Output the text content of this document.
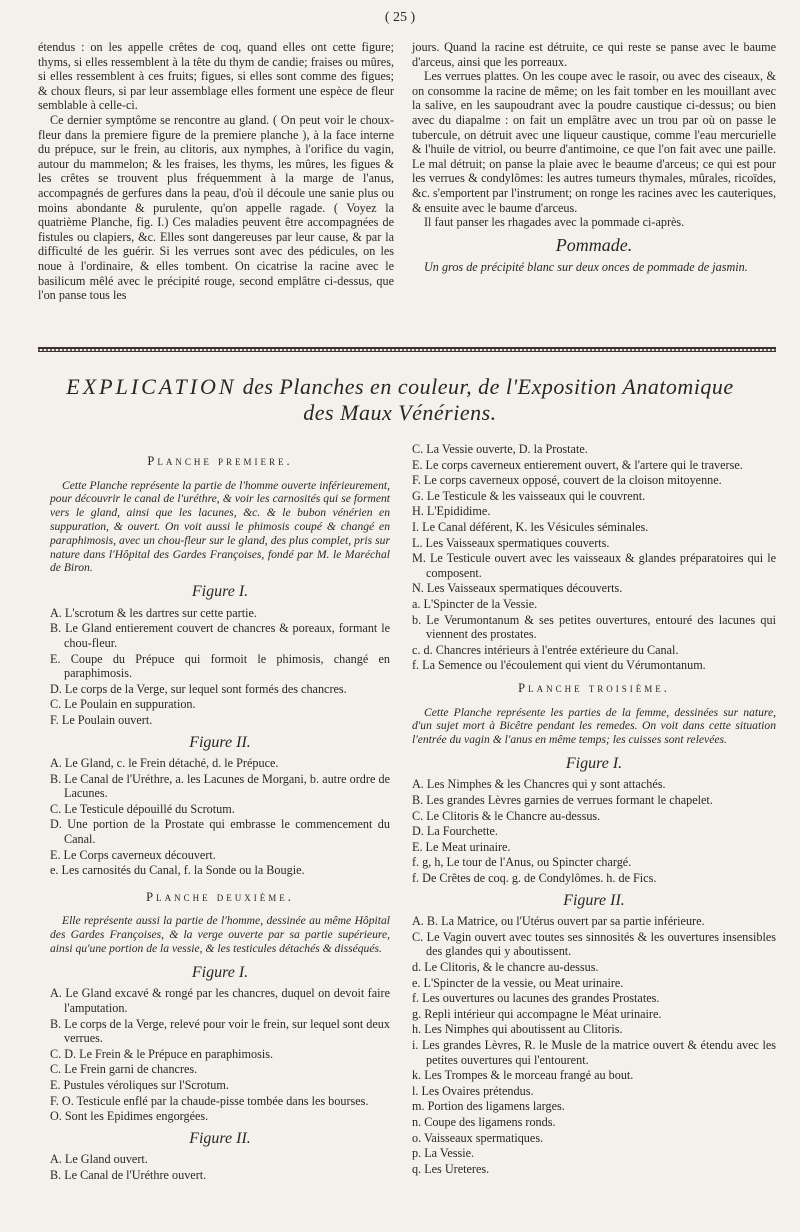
( 25 )

étendus : on les appelle crêtes de coq, quand elles ont cette figure; thyms, si elles ressemblent à la tête du thym de candie; fraises ou mûres, si elles ressemblent à ces fruits; figues, si elles sont comme des figues; & choux fleurs, si par leur assemblage elles forment une espèce de fleur semblable à celle-ci.

Ce dernier symptôme se rencontre au gland. ( On peut voir le choux-fleur dans la premiere figure de la premiere planche ), à la face interne du prépuce, sur le frein, au clitoris, aux nymphes, à l'orifice du vagin, autour du mammelon; & les fraises, les thyms, les mûres, les figues & les crêtes se trouvent plus fréquemment à la marge de l'anus, accompagnés de gerfures dans la peau, d'où il découle une sanie plus ou moins abondante & purulente, qu'on appelle ragade. ( Voyez la quatrième Planche, fig. I.) Ces maladies peuvent être accompagnées de fistules ou clapiers, &c. Elles sont dangereuses par leur cause, & par la difficulté de les guérir. Si les verrues sont avec des pédicules, on les noue à l'ordinaire, & elles tombent. On cicatrise la racine avec le basilicum mêlé avec le précipité rouge, second emplâtre ci-dessus, que l'on panse tous les

jours. Quand la racine est détruite, ce qui reste se panse avec le baume d'arceus, ainsi que les porreaux.

Les verrues plattes. On les coupe avec le rasoir, ou avec des ciseaux, & on consomme la racine de même; on les fait tomber en les mouillant avec la salive, en les saupoudrant avec la poudre caustique ci-dessus; ou bien avec du diapalme : on fait un emplâtre avec un trou par où on passe le tubercule, on détruit avec une liqueur caustique, comme l'eau mercurielle & l'huile de vitriol, ou beurre d'antimoine, ce que l'on fait avec une paille. Le mal détruit; on panse la plaie avec le beaume d'arceus; ce qui est pour les verrues & condylômes: les autres tumeurs thymales, mûrales, ricoïdes, &c. s'emportent par l'instrument; on ronge les racines avec les cauteriques, & ensuite avec le baume d'arceus.

Il faut panser les rhagades avec la pommade ci-après.

Pommade.

Un gros de précipité blanc sur deux onces de pommade de jasmin.

EXPLICATION des Planches en couleur, de l'Exposition Anatomique
des Maux Vénériens.
Planche premiere.
Cette Planche représente la partie de l'homme ouverte inférieurement, pour découvrir le canal de l'uréthre, & voir les carnosités qui se forment vers le gland, ainsi que les lacunes, &c. & le bubon vénérien en suppuration, & ouvert. On voit aussi le phimosis coupé & changé en paraphimosis, avec un chou-fleur sur le gland, des plus complet, pris sur nature dans l'Hôpital des Gardes Françoises, fondé par M. le Maréchal de Biron.
Figure I.
A. L'scrotum & les dartres sur cette partie.
B. Le Gland entierement couvert de chancres & poreaux, formant le chou-fleur.
E. Coupe du Prépuce qui formoit le phimosis, changé en paraphimosis.
D. Le corps de la Verge, sur lequel sont formés des chancres.
C. Le Poulain en suppuration.
F. Le Poulain ouvert.
Figure II.
A. Le Gland, c. le Frein détaché, d. le Prépuce.
B. Le Canal de l'Uréthre, a. les Lacunes de Morgani, b. autre ordre de Lacunes.
C. Le Testicule dépouillé du Scrotum.
D. Une portion de la Prostate qui embrasse le commencement du Canal.
E. Le Corps caverneux découvert.
e. Les carnosités du Canal, f. la Sonde ou la Bougie.
Planche deuxième.
Elle représente aussi la partie de l'homme, dessinée au même Hôpital des Gardes Françoises, & la verge ouverte par sa partie supérieure, ainsi qu'une portion de la vessie, & les testicules détachés & disséqués.
Figure I.
A. Le Gland excavé & rongé par les chancres, duquel on devoit faire l'amputation.
B. Le corps de la Verge, relevé pour voir le frein, sur lequel sont deux verrues.
C. D. Le Frein & le Prépuce en paraphimosis.
C. Le Frein garni de chancres.
E. Pustules véroliques sur l'Scrotum.
F. O. Testicule enflé par la chaude-pisse tombée dans les bourses.
O. Sont les Epidimes engorgées.
Figure II.
A. Le Gland ouvert.
B. Le Canal de l'Uréthre ouvert.
C. La Vessie ouverte, D. la Prostate.
E. Le corps caverneux entierement ouvert, & l'artere qui le traverse.
F. Le corps caverneux opposé, couvert de la cloison mitoyenne.
G. Le Testicule & les vaisseaux qui le couvrent.
H. L'Epididime.
I. Le Canal déférent, K. les Vésicules séminales.
L. Les Vaisseaux spermatiques couverts.
M. Le Testicule ouvert avec les vaisseaux & glandes préparatoires qui le composent.
N. Les Vaisseaux spermatiques découverts.
a. L'Spincter de la Vessie.
b. Le Verumontanum & ses petites ouvertures, entouré des lacunes qui viennent des prostates.
c. d. Chancres intérieurs à l'entrée extérieure du Canal.
f. La Semence ou l'écoulement qui vient du Vérumontanum.
Planche troisième.
Cette Planche représente les parties de la femme, dessinées sur nature, d'un sujet mort à Bicêtre pendant les remedes. On voit dans cette situation l'entrée du vagin & l'anus en même temps; les cuisses sont relevées.
Figure I.
A. Les Nimphes & les Chancres qui y sont attachés.
B. Les grandes Lèvres garnies de verrues formant le chapelet.
C. Le Clitoris & le Chancre au-dessus.
D. La Fourchette.
E. Le Meat urinaire.
f. g, h, Le tour de l'Anus, ou Spincter chargé.
f. De Crêtes de coq. g. de Condylômes. h. de Fics.
Figure II.
A. B. La Matrice, ou l'Utérus ouvert par sa partie inférieure.
C. Le Vagin ouvert avec toutes ses sinnosités & les ouvertures insensibles des glandes qui y aboutissent.
d. Le Clitoris, & le chancre au-dessus.
e. L'Spincter de la vessie, ou Meat urinaire.
f. Les ouvertures ou lacunes des grandes Prostates.
g. Repli intérieur qui accompagne le Méat urinaire.
h. Les Nimphes qui aboutissent au Clitoris.
i. Les grandes Lèvres, R. le Musle de la matrice ouvert & étendu avec les petites ouvertures qui l'entourent.
k. Les Trompes & le morceau frangé au bout.
l. Les Ovaires prétendus.
m. Portion des ligamens larges.
n. Coupe des ligamens ronds.
o. Vaisseaux spermatiques.
p. La Vessie.
q. Les Ureteres.
